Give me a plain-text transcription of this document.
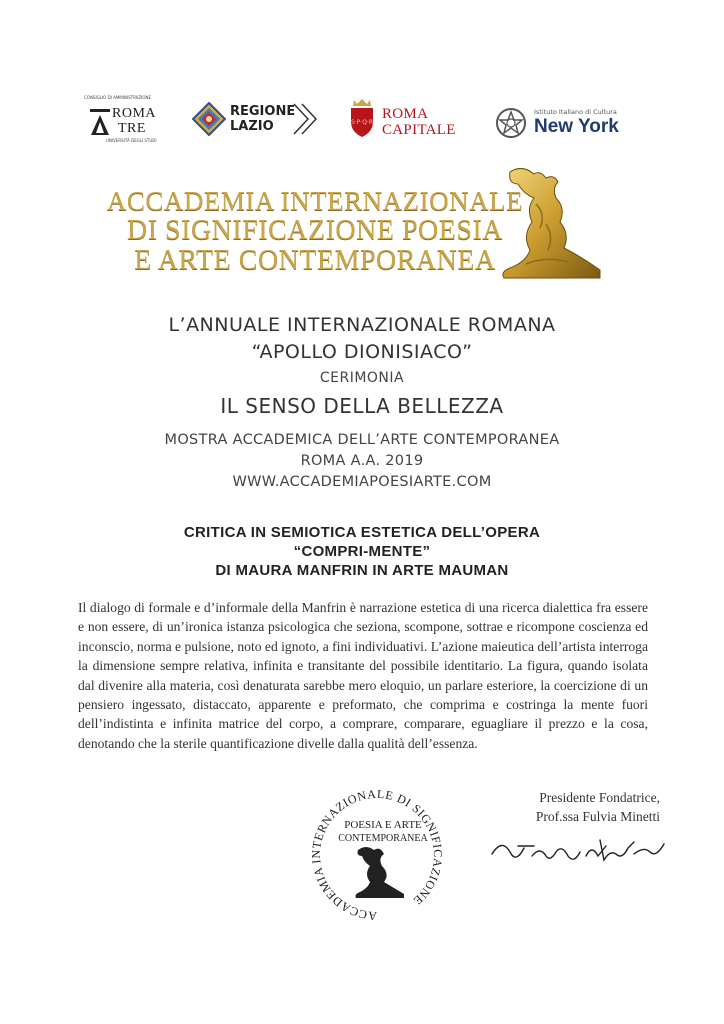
CONSIGLIO DI AMMINISTRAZIONE
ROMA
TRE
UNIVERSITÀ DEGLI STUDI
REGIONE
LAZIO	S·P·Q·R
ROMA
CAPITALE
Istituto Italiano di Cultura
New York
ACCADEMIA INTERNAZIONALE
DI SIGNIFICAZIONE POESIA
E ARTE CONTEMPORANEA
L’ANNUALE INTERNAZIONALE ROMANA
“APOLLO DIONISIACO”
CERIMONIA
IL SENSO DELLA BELLEZZA
MOSTRA ACCADEMICA DELL’ARTE CONTEMPORANEA
ROMA A.A. 2019
WWW.ACCADEMIAPOESIARTE.COM
CRITICA IN SEMIOTICA ESTETICA DELL’OPERA
“COMPRI-MENTE”
DI MAURA MANFRIN IN ARTE MAUMAN

Il dialogo di formale e d’informale della Manfrin è narrazione estetica di una ricerca dialettica fra essere e non essere, di un’ironica istanza psicologica che seziona, scompone, sottrae e ricompone coscienza ed inconscio, norma e pulsione, noto ed ignoto, a fini individuativi. L’azione maieutica dell’artista interroga la dimensione sempre relativa, infinita e transitante del possibile identitario. La figura, quando isolata dal divenire alla materia, così denaturata sarebbe mero eloquio, un parlare esteriore, la coercizione di un pensiero ingessato, distaccato, apparente e preformato, che comprima e costringa la mente fuori dell’indistinta e infinita matrice del corpo, a comprare, comparare, eguagliare il prezzo e la cosa, denotando che la sterile quantificazione divelle dalla qualità dell’essenza.

ACCADEMIA INTERNAZIONALE DI SIGNIFICAZIONE
POESIA E ARTE
CONTEMPORANEA
Presidente Fondatrice,
Prof.ssa Fulvia Minetti
